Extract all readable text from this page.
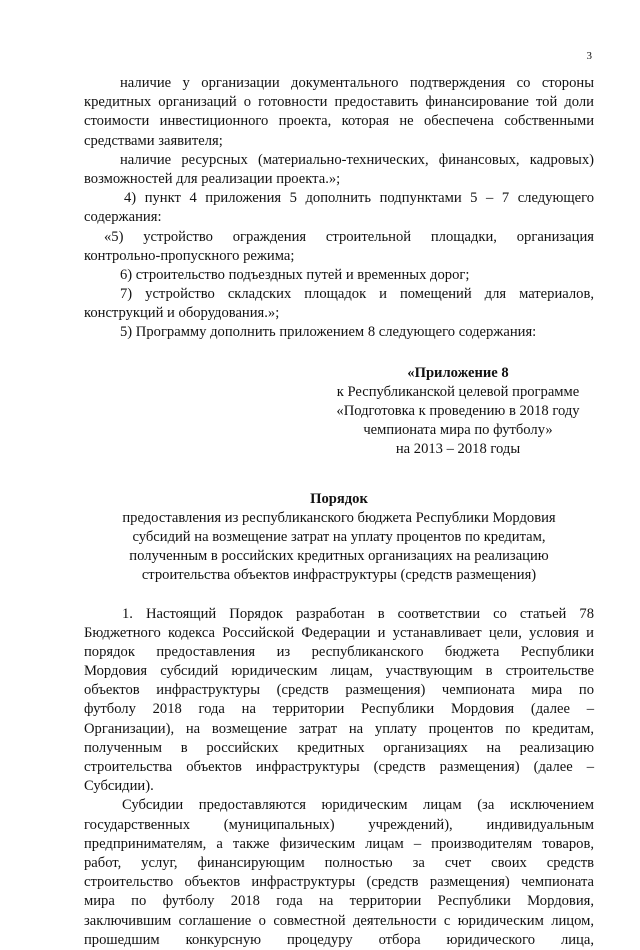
3
наличие у организации документального подтверждения со стороны
кредитных организаций о готовности предоставить финансирование той доли
стоимости инвестиционного проекта, которая не обеспечена собственными
средствами заявителя;
наличие ресурсных (материально-технических, финансовых, кадровых)
возможностей для реализации проекта.»;
4) пункт 4 приложения 5 дополнить подпунктами 5 – 7 следующего
содержания:
«5) устройство ограждения строительной площадки, организация
контрольно-пропускного режима;
6) строительство подъездных путей и временных дорог;
7) устройство складских площадок и помещений для материалов,
конструкций и оборудования.»;
5) Программу дополнить приложением 8 следующего содержания:
«Приложение 8
к Республиканской целевой программе
«Подготовка к проведению в 2018 году
чемпионата мира по футболу»
на 2013 – 2018 годы
Порядок
предоставления из республиканского бюджета Республики Мордовия
субсидий на возмещение затрат на уплату процентов по кредитам,
полученным в российских кредитных организациях на реализацию
строительства объектов инфраструктуры (средств размещения)
1. Настоящий Порядок разработан в соответствии со статьей 78
Бюджетного кодекса Российской Федерации и устанавливает цели, условия и
порядок предоставления из республиканского бюджета Республики
Мордовия субсидий юридическим лицам, участвующим в строительстве
объектов инфраструктуры (средств размещения) чемпионата мира по
футболу 2018 года на территории Республики Мордовия (далее –
Организации), на возмещение затрат на уплату процентов по кредитам,
полученным в российских кредитных организациях на реализацию
строительства объектов инфраструктуры (средств размещения) (далее –
Субсидии).
Субсидии предоставляются юридическим лицам (за исключением
государственных (муниципальных) учреждений), индивидуальным
предпринимателям, а также физическим лицам – производителям товаров,
работ, услуг, финансирующим полностью за счет своих средств
строительство объектов инфраструктуры (средств размещения) чемпионата
мира по футболу 2018 года на территории Республики Мордовия,
заключившим соглашение о совместной деятельности с юридическим лицом,
прошедшим конкурсную процедуру отбора юридического лица,
